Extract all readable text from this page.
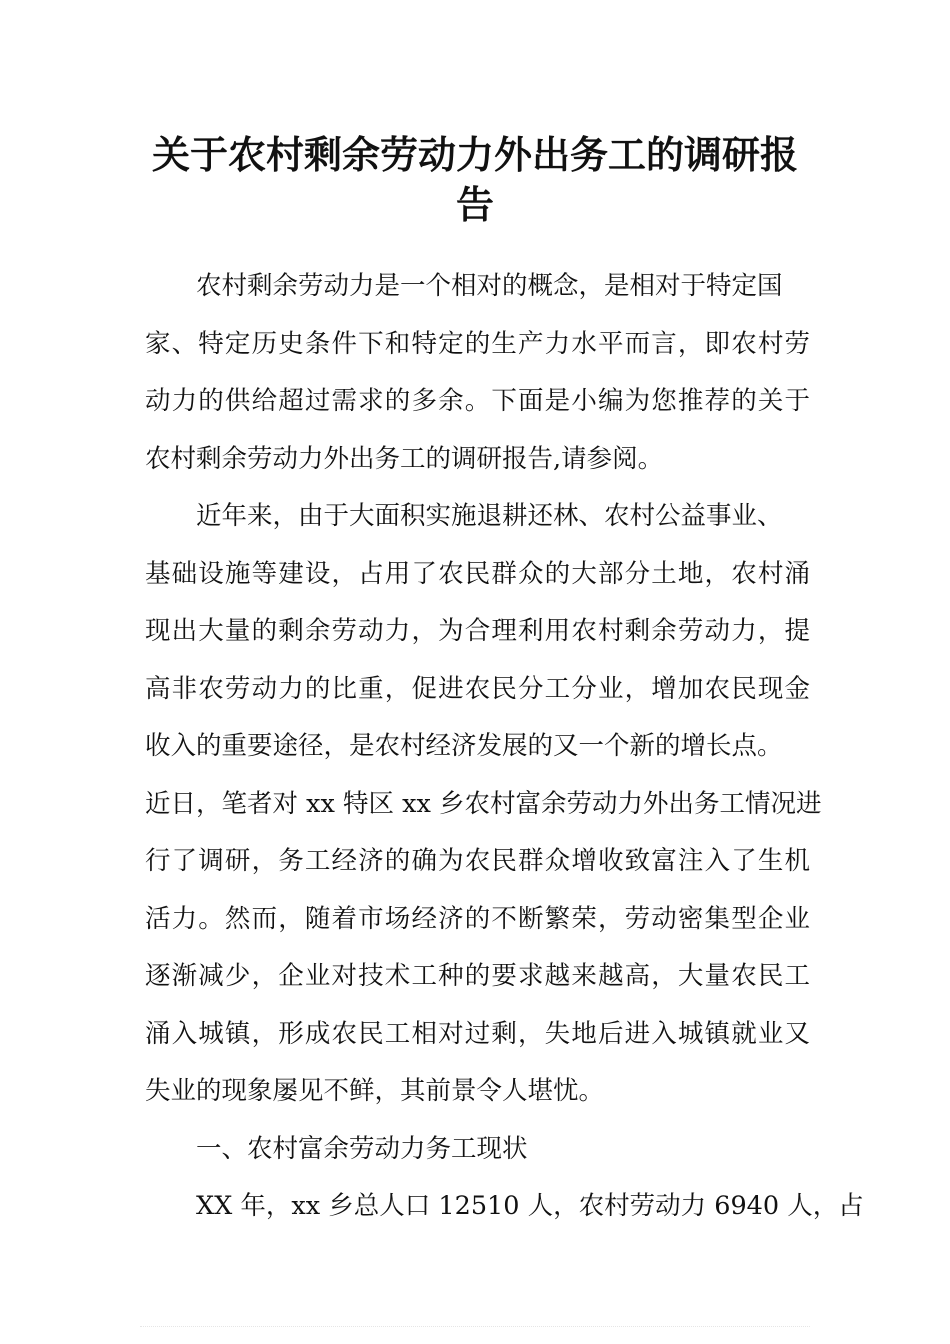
关于农村剩余劳动力外出务工的调研报
告
农村剩余劳动力是一个相对的概念，是相对于特定国
家、特定历史条件下和特定的生产力水平而言，即农村劳
动力的供给超过需求的多余。下面是小编为您推荐的关于
农村剩余劳动力外出务工的调研报告,请参阅。
近年来，由于大面积实施退耕还林、农村公益事业、
基础设施等建设，占用了农民群众的大部分土地，农村涌
现出大量的剩余劳动力，为合理利用农村剩余劳动力，提
高非农劳动力的比重，促进农民分工分业，增加农民现金
收入的重要途径，是农村经济发展的又一个新的增长点。
近日，笔者对 xx 特区 xx 乡农村富余劳动力外出务工情况进
行了调研，务工经济的确为农民群众增收致富注入了生机
活力。然而，随着市场经济的不断繁荣，劳动密集型企业
逐渐减少，企业对技术工种的要求越来越高，大量农民工
涌入城镇，形成农民工相对过剩，失地后进入城镇就业又
失业的现象屡见不鲜，其前景令人堪忧。
一、农村富余劳动力务工现状
XX 年，xx 乡总人口 12510 人，农村劳动力 6940 人，占
